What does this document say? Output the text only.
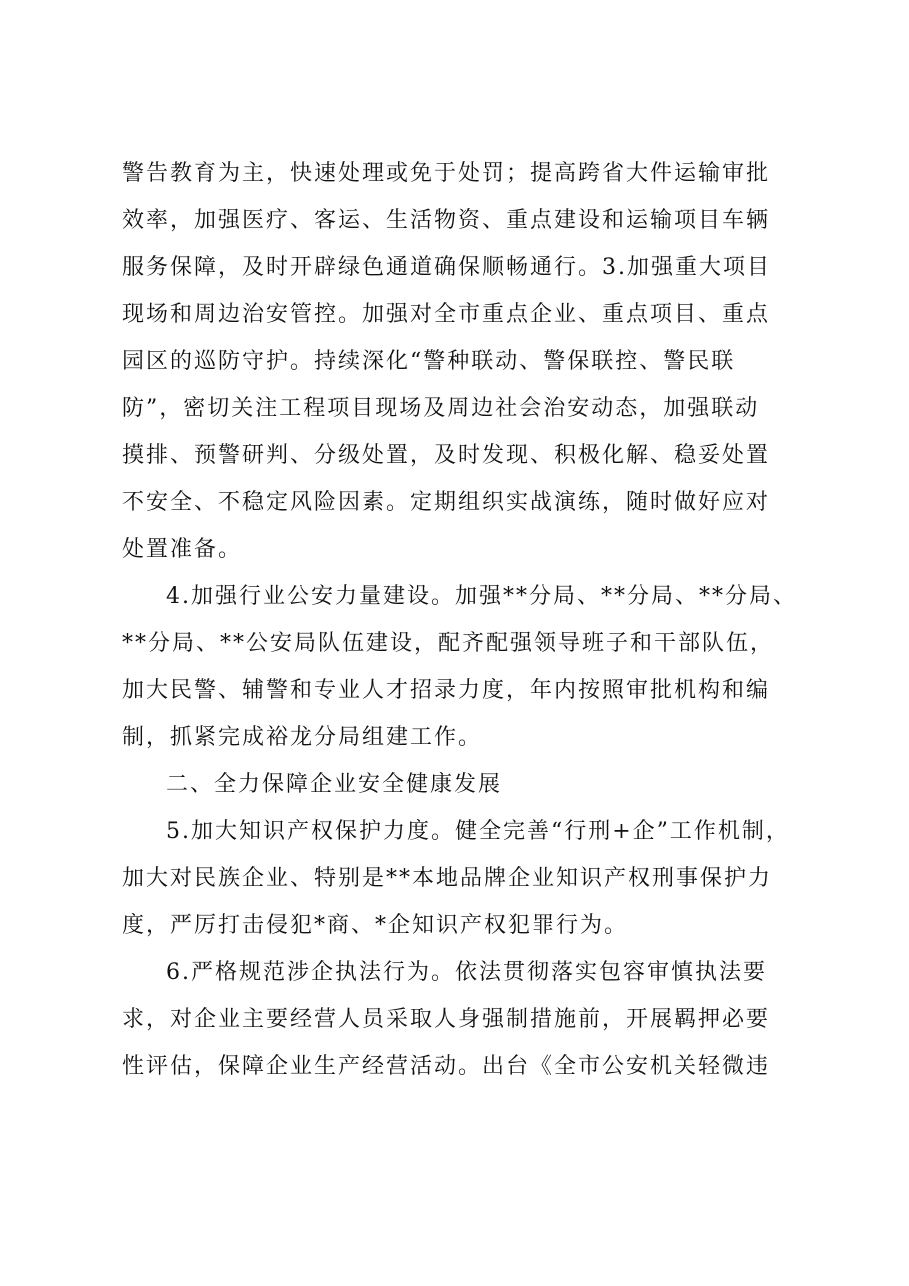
警告教育为主，快速处理或免于处罚；提高跨省大件运输审批
效率，加强医疗、客运、生活物资、重点建设和运输项目车辆
服务保障，及时开辟绿色通道确保顺畅通行。3.加强重大项目
现场和周边治安管控。加强对全市重点企业、重点项目、重点
园区的巡防守护。持续深化“警种联动、警保联控、警民联
防”，密切关注工程项目现场及周边社会治安动态，加强联动
摸排、预警研判、分级处置，及时发现、积极化解、稳妥处置
不安全、不稳定风险因素。定期组织实战演练，随时做好应对
处置准备。
4.加强行业公安力量建设。加强**分局、**分局、**分局、
**分局、**公安局队伍建设，配齐配强领导班子和干部队伍，
加大民警、辅警和专业人才招录力度，年内按照审批机构和编
制，抓紧完成裕龙分局组建工作。
二、全力保障企业安全健康发展
5.加大知识产权保护力度。健全完善“行刑+企”工作机制，
加大对民族企业、特别是**本地品牌企业知识产权刑事保护力
度，严厉打击侵犯*商、*企知识产权犯罪行为。
6.严格规范涉企执法行为。依法贯彻落实包容审慎执法要
求，对企业主要经营人员采取人身强制措施前，开展羁押必要
性评估，保障企业生产经营活动。出台《全市公安机关轻微违
